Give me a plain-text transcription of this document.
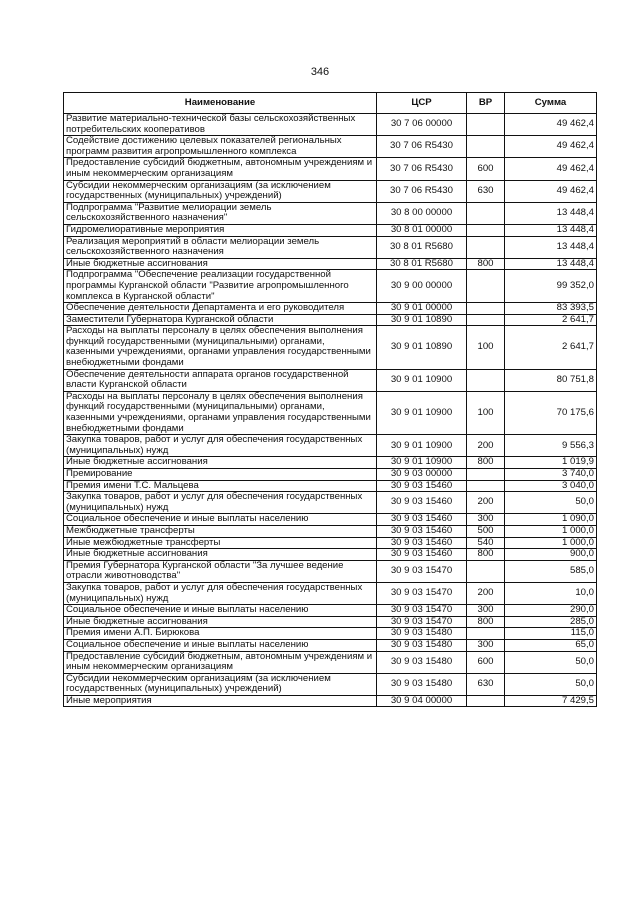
346
Наименование	ЦСР	ВР	Сумма
Развитие материально-технической базы сельскохозяйственных потребительских кооперативов	30 7 06 00000		49 462,4
Содействие достижению целевых показателей региональных программ развития агропромышленного комплекса	30 7 06 R5430		49 462,4
Предоставление субсидий бюджетным, автономным учреждениям и иным некоммерческим организациям	30 7 06 R5430	600	49 462,4
Субсидии некоммерческим организациям (за исключением государственных (муниципальных) учреждений)	30 7 06 R5430	630	49 462,4
Подпрограмма "Развитие мелиорации земель сельскохозяйственного назначения"	30 8 00 00000		13 448,4
Гидромелиоративные мероприятия	30 8 01 00000		13 448,4
Реализация мероприятий в области мелиорации земель сельскохозяйственного назначения	30 8 01 R5680		13 448,4
Иные бюджетные ассигнования	30 8 01 R5680	800	13 448,4
Подпрограмма "Обеспечение реализации государственной программы Курганской области "Развитие агропромышленного комплекса в Курганской области"	30 9 00 00000		99 352,0
Обеспечение деятельности Департамента и его руководителя	30 9 01 00000		83 393,5
Заместители Губернатора Курганской области	30 9 01 10890		2 641,7
Расходы на выплаты персоналу в целях обеспечения выполнения функций государственными (муниципальными) органами, казенными учреждениями, органами управления государственными внебюджетными фондами	30 9 01 10890	100	2 641,7
Обеспечение деятельности аппарата органов государственной власти Курганской области	30 9 01 10900		80 751,8
Расходы на выплаты персоналу в целях обеспечения выполнения функций государственными (муниципальными) органами, казенными учреждениями, органами управления государственными внебюджетными фондами	30 9 01 10900	100	70 175,6
Закупка товаров, работ и услуг для обеспечения государственных (муниципальных) нужд	30 9 01 10900	200	9 556,3
Иные бюджетные ассигнования	30 9 01 10900	800	1 019,9
Премирование	30 9 03 00000		3 740,0
Премия имени Т.С. Мальцева	30 9 03 15460		3 040,0
Закупка товаров, работ и услуг для обеспечения государственных (муниципальных) нужд	30 9 03 15460	200	50,0
Социальное обеспечение и иные выплаты населению	30 9 03 15460	300	1 090,0
Межбюджетные трансферты	30 9 03 15460	500	1 000,0
Иные межбюджетные трансферты	30 9 03 15460	540	1 000,0
Иные бюджетные ассигнования	30 9 03 15460	800	900,0
Премия Губернатора Курганской области "За лучшее ведение отрасли животноводства"	30 9 03 15470		585,0
Закупка товаров, работ и услуг для обеспечения государственных (муниципальных) нужд	30 9 03 15470	200	10,0
Социальное обеспечение и иные выплаты населению	30 9 03 15470	300	290,0
Иные бюджетные ассигнования	30 9 03 15470	800	285,0
Премия имени А.П. Бирюкова	30 9 03 15480		115,0
Социальное обеспечение и иные выплаты населению	30 9 03 15480	300	65,0
Предоставление субсидий бюджетным, автономным учреждениям и иным некоммерческим организациям	30 9 03 15480	600	50,0
Субсидии некоммерческим организациям (за исключением государственных (муниципальных) учреждений)	30 9 03 15480	630	50,0
Иные мероприятия	30 9 04 00000		7 429,5
